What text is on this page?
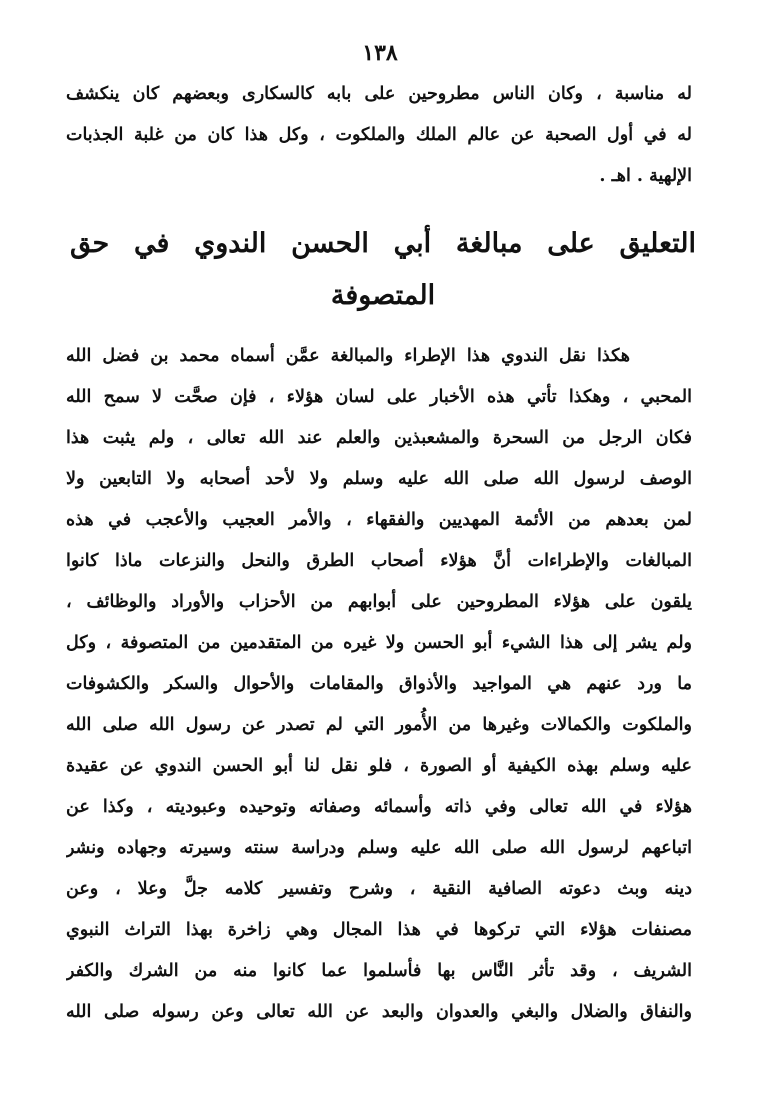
١٣٨
له مناسبة ، وكان الناس مطروحين على بابه كالسكارى وبعضهم كان ينكشف
له في أول الصحبة عن عالم الملك والملكوت ، وكل هذا كان من غلبة الجذبات
الإلهية . اهـ .
التعليق على مبالغة أبي الحسن الندوي في حق
المتصوفة
هكذا نقل الندوي هذا الإطراء والمبالغة عمَّن أسماه محمد بن فضل الله
المحبي ، وهكذا تأتي هذه الأخبار على لسان هؤلاء ، فإن صحَّت لا سمح الله
فكان الرجل من السحرة والمشعبذين والعلم عند الله تعالى ، ولم يثبت هذا
الوصف لرسول الله صلى الله عليه وسلم ولا لأحد أصحابه ولا التابعين ولا
لمن بعدهم من الأئمة المهديين والفقهاء ، والأمر العجيب والأعجب في هذه
المبالغات والإطراءات أنَّ هؤلاء أصحاب الطرق والنحل والنزعات ماذا كانوا
يلقون على هؤلاء المطروحين على أبوابهم من الأحزاب والأوراد والوظائف ،
ولم يشر إلى هذا الشيء أبو الحسن ولا غيره من المتقدمين من المتصوفة ، وكل
ما ورد عنهم هي المواجيد والأذواق والمقامات والأحوال والسكر والكشوفات
والملكوت والكمالات وغيرها من الأُمور التي لم تصدر عن رسول الله صلى الله
عليه وسلم بهذه الكيفية أو الصورة ، فلو نقل لنا أبو الحسن الندوي عن عقيدة
هؤلاء في الله تعالى وفي ذاته وأسمائه وصفاته وتوحيده وعبوديته ، وكذا عن
اتباعهم لرسول الله صلى الله عليه وسلم ودراسة سنته وسيرته وجهاده ونشر
دينه وبث دعوته الصافية النقية ، وشرح وتفسير كلامه جلَّ وعلا ، وعن
مصنفات هؤلاء التي تركوها في هذا المجال وهي زاخرة بهذا التراث النبوي
الشريف ، وقد تأثر النَّاس بها فأسلموا عما كانوا منه من الشرك والكفر
والنفاق والضلال والبغي والعدوان والبعد عن الله تعالى وعن رسوله صلى الله
